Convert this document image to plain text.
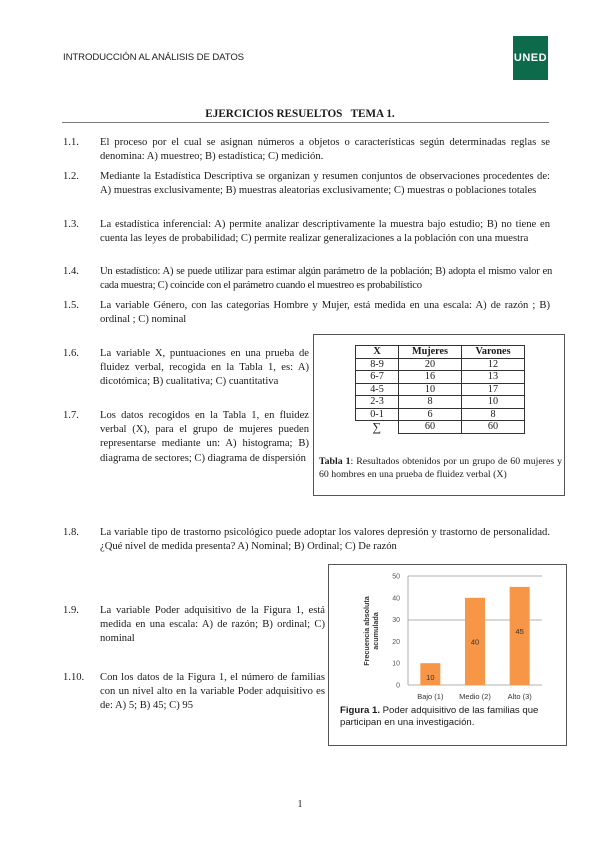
INTRODUCCIÓN AL ANÁLISIS DE DATOS	UNED
EJERCICIOS RESUELTOS   TEMA 1.
1.1. El proceso por el cual se asignan números a objetos o características según determinadas reglas se denomina: A) muestreo; B) estadística; C) medición.
1.2. Mediante la Estadística Descriptiva se organizan y resumen conjuntos de observaciones procedentes de: A) muestras exclusivamente; B) muestras aleatorias exclusivamente; C) muestras o poblaciones totales
1.3. La estadística inferencial: A) permite analizar descriptivamente la muestra bajo estudio; B) no tiene en cuenta las leyes de probabilidad; C) permite realizar generalizaciones a la población con una muestra
1.4. Un estadístico: A) se puede utilizar para estimar algún parámetro de la población; B) adopta el mismo valor en cada muestra; C) coincide con el parámetro cuando el muestreo es probabilístico
1.5. La variable Género, con las categorías Hombre y Mujer, está medida en una escala: A) de razón ; B) ordinal ; C) nominal
1.6. La variable X, puntuaciones en una prueba de fluidez verbal, recogida en la Tabla 1, es: A) dicotómica; B) cualitativa; C) cuantitativa
1.7. Los datos recogidos en la Tabla 1, en fluidez verbal (X), para el grupo de mujeres pueden representarse mediante un: A) histograma; B) diagrama de sectores; C) diagrama de dispersión
X	Mujeres	Varones
8-9	20	12
6-7	16	13
4-5	10	17
2-3	8	10
0-1	6	8
∑	60	60
Tabla 1: Resultados obtenidos por un grupo de 60 mujeres y 60 hombres en una prueba de fluidez verbal (X)
1.8. La variable tipo de trastorno psicológico puede adoptar los valores depresión y trastorno de personalidad. ¿Qué nivel de medida presenta? A) Nominal; B) Ordinal; C) De razón
1.9. La variable Poder adquisitivo de la Figura 1, está medida en una escala: A) de razón; B) ordinal; C) nominal
1.10. Con los datos de la Figura 1, el número de familias con un nivel alto en la variable Poder adquisitivo es de: A) 5; B) 45; C) 95
0
10
20
30
40
50
10
40
45
Bajo (1) Medio (2) Alto (3)
Frecuencia absolutaacumulada
Figura 1. Poder adquisitivo de las familias que participan en una investigación.
1
